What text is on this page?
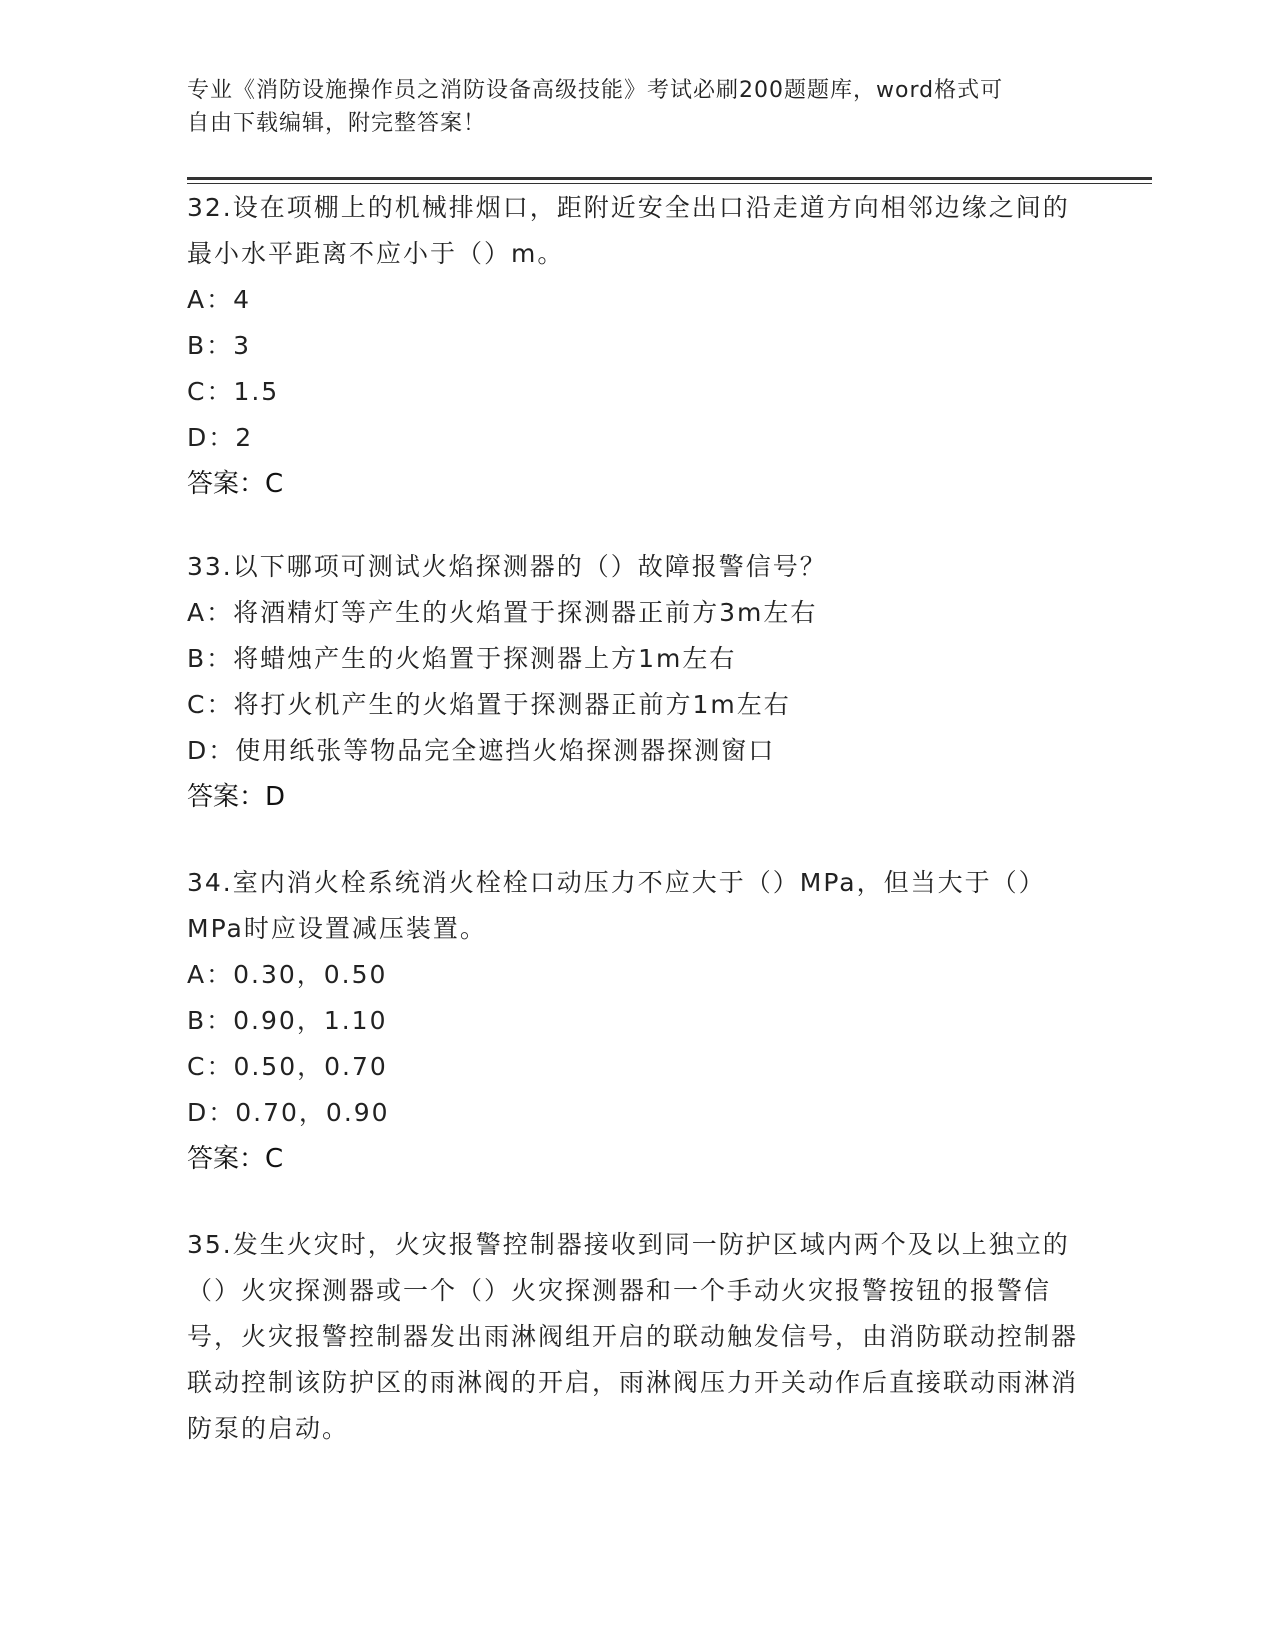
专业《消防设施操作员之消防设备高级技能》考试必刷200题题库，word格式可
自由下载编辑，附完整答案！

32.设在项棚上的机械排烟口，距附近安全出口沿走道方向相邻边缘之间的最小水平距离不应小于（）m。

A：4
B：3
C：1.5
D：2
答案：C

33.以下哪项可测试火焰探测器的（）故障报警信号？

A：将酒精灯等产生的火焰置于探测器正前方3m左右
B：将蜡烛产生的火焰置于探测器上方1m左右
C：将打火机产生的火焰置于探测器正前方1m左右
D：使用纸张等物品完全遮挡火焰探测器探测窗口
答案：D

34.室内消火栓系统消火栓栓口动压力不应大于（）MPa，但当大于（）MPa时应设置减压装置。

A：0.30，0.50
B：0.90，1.10
C：0.50，0.70
D：0.70，0.90
答案：C

35.发生火灾时，火灾报警控制器接收到同一防护区域内两个及以上独立的（）火灾探测器或一个（）火灾探测器和一个手动火灾报警按钮的报警信号，火灾报警控制器发出雨淋阀组开启的联动触发信号，由消防联动控制器联动控制该防护区的雨淋阀的开启，雨淋阀压力开关动作后直接联动雨淋消防泵的启动。
